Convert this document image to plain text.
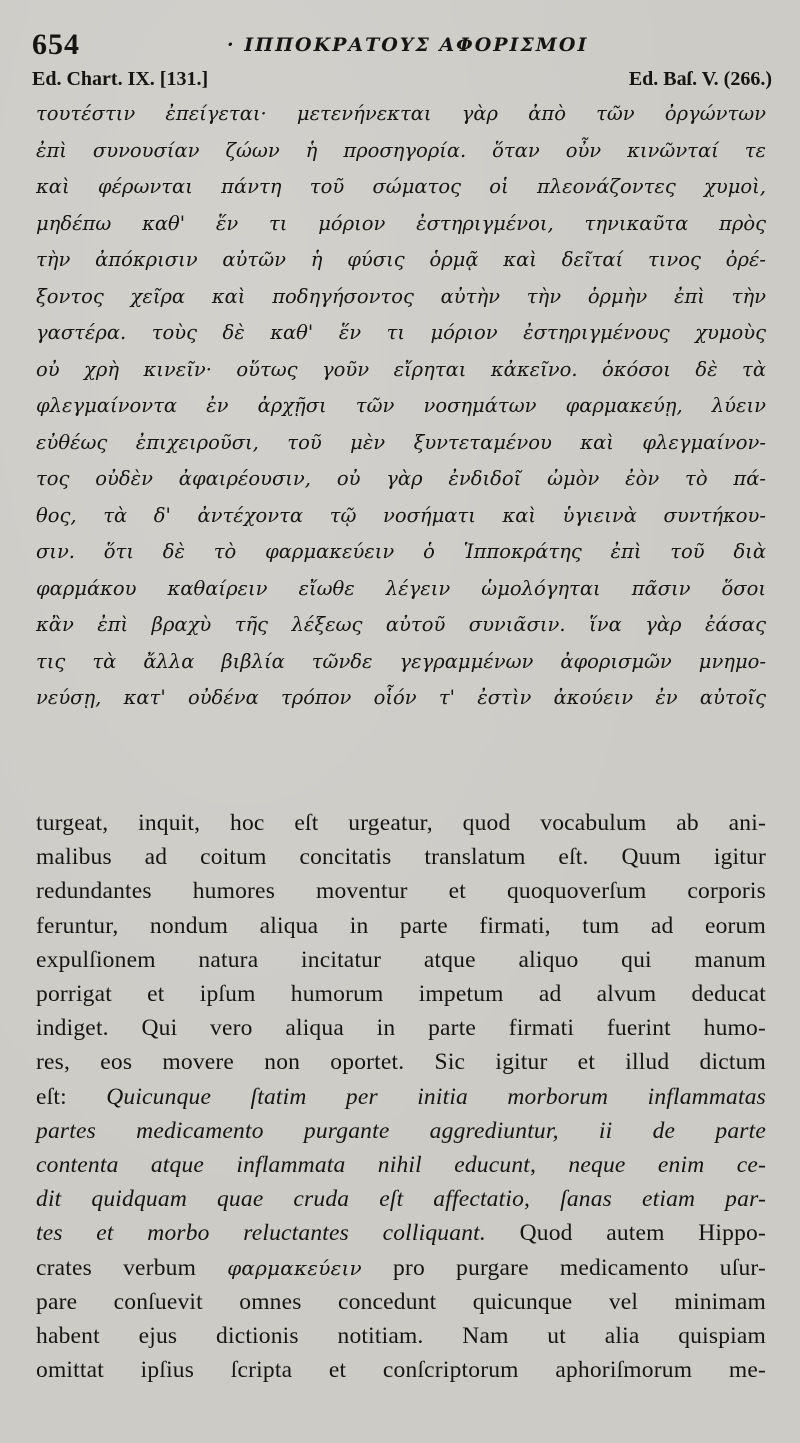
654	· ΙΠΠΟΚΡΑΤΟΥΣ ΑΦΟΡΙΣΜΟΙ
Ed. Chart. IX. [131.]	Ed. Baſ. V. (266.)
τουτέστιν ἐπείγεται· μετενήνεκται γὰρ ἀπὸ τῶν ὀργώντων
ἐπὶ συνουσίαν ζώων ἡ προσηγορία. ὅταν οὖν κινῶνταί τε
καὶ φέρωνται πάντη τοῦ σώματος οἱ πλεονάζοντες χυμοὶ,
μηδέπω καθ' ἕν τι μόριον ἐστηριγμένοι, τηνικαῦτα πρὸς
τὴν ἀπόκρισιν αὐτῶν ἡ φύσις ὁρμᾷ καὶ δεῖταί τινος ὀρέ-
ξοντος χεῖρα καὶ ποδηγήσοντος αὐτὴν τὴν ὁρμὴν ἐπὶ τὴν
γαστέρα. τοὺς δὲ καθ' ἕν τι μόριον ἐστηριγμένους χυμοὺς
οὐ χρὴ κινεῖν· οὕτως γοῦν εἴρηται κἀκεῖνο. ὁκόσοι δὲ τὰ
φλεγμαίνοντα ἐν ἀρχῇσι τῶν νοσημάτων φαρμακεύῃ, λύειν
εὐθέως ἐπιχειροῦσι, τοῦ μὲν ξυντεταμένου καὶ φλεγμαίνον-
τος οὐδὲν ἀφαιρέουσιν, οὐ γὰρ ἐνδιδοῖ ὠμὸν ἐὸν τὸ πά-
θος, τὰ δ' ἀντέχοντα τῷ νοσήματι καὶ ὑγιεινὰ συντήκου-
σιν. ὅτι δὲ τὸ φαρμακεύειν ὁ Ἱπποκράτης ἐπὶ τοῦ διὰ
φαρμάκου καθαίρειν εἴωθε λέγειν ὡμολόγηται πᾶσιν ὅσοι
κἂν ἐπὶ βραχὺ τῆς λέξεως αὐτοῦ συνιᾶσιν. ἵνα γὰρ ἐάσας
τις τὰ ἄλλα βιβλία τῶνδε γεγραμμένων ἀφορισμῶν μνημο-
νεύσῃ, κατ' οὐδένα τρόπον οἷόν τ' ἐστὶν ἀκούειν ἐν αὐτοῖς
turgeat, inquit, hoc eſt urgeatur, quod vocabulum ab ani-
malibus ad coitum concitatis translatum eſt. Quum igitur
redundantes humores moventur et quoquoverſum corporis
feruntur, nondum aliqua in parte firmati, tum ad eorum
expulſionem natura incitatur atque aliquo qui manum
porrigat et ipſum humorum impetum ad alvum deducat
indiget. Qui vero aliqua in parte firmati fuerint humo-
res, eos movere non oportet. Sic igitur et illud dictum
eſt: Quicunque ſtatim per initia morborum inflammatas
partes medicamento purgante aggrediuntur, ii de parte
contenta atque inflammata nihil educunt, neque enim ce-
dit quidquam quae cruda eſt affectatio, ſanas etiam par-
tes et morbo reluctantes colliquant. Quod autem Hippo-
crates verbum φαρμακεύειν pro purgare medicamento uſur-
pare conſuevit omnes concedunt quicunque vel minimam
habent ejus dictionis notitiam. Nam ut alia quispiam
omittat ipſius ſcripta et conſcriptorum aphoriſmorum me-
